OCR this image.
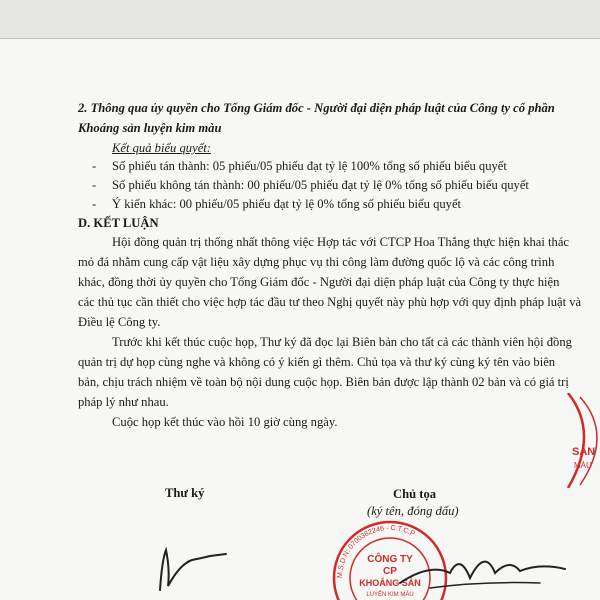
2. Thông qua ủy quyền cho Tổng Giám đốc - Người đại diện pháp luật của Công ty cổ phần

Khoáng sản luyện kim màu

Kết quả biểu quyết:

- Số phiếu tán thành: 05 phiếu/05 phiếu đạt tỷ lệ 100% tổng số phiếu biểu quyết

- Số phiếu không tán thành: 00 phiếu/05 phiếu đạt tỷ lệ 0% tổng số phiếu biểu quyết

- Ý kiến khác: 00 phiếu/05 phiếu đạt tỷ lệ 0% tổng số phiếu biểu quyết

D. KẾT LUẬN

Hội đồng quản trị thống nhất thông việc Hợp tác với CTCP Hoa Thắng thực hiện khai thác

mỏ đá nhằm cung cấp vật liệu xây dựng phục vụ thi công làm đường quốc lộ và các công trình

khác, đồng thời ủy quyền cho Tổng Giám đốc - Người đại diện pháp luật của Công ty thực hiện

các thủ tục cần thiết cho việc hợp tác đầu tư theo Nghị quyết này phù hợp với quy định pháp luật và

Điều lệ Công ty.

Trước khi kết thúc cuộc họp, Thư ký đã đọc lại Biên bản cho tất cả các thành viên hội đồng

quản trị dự họp cùng nghe và không có ý kiến gì thêm. Chủ tọa và thư ký cùng ký tên vào biên

bản, chịu trách nhiệm về toàn bộ nội dung cuộc họp. Biên bản được lập thành 02 bản và có giá trị

pháp lý như nhau.

Cuộc họp kết thúc vào hồi 10 giờ cùng ngày.

Thư ký	Chủ tọa

(ký tên, đóng dấu)

SẢN
MÀU
M.S.D.N: 0700382246 - C.T.C.P
CÔNG TY
CP
KHOÁNG SẢN
LUYỆN KIM MÀU
